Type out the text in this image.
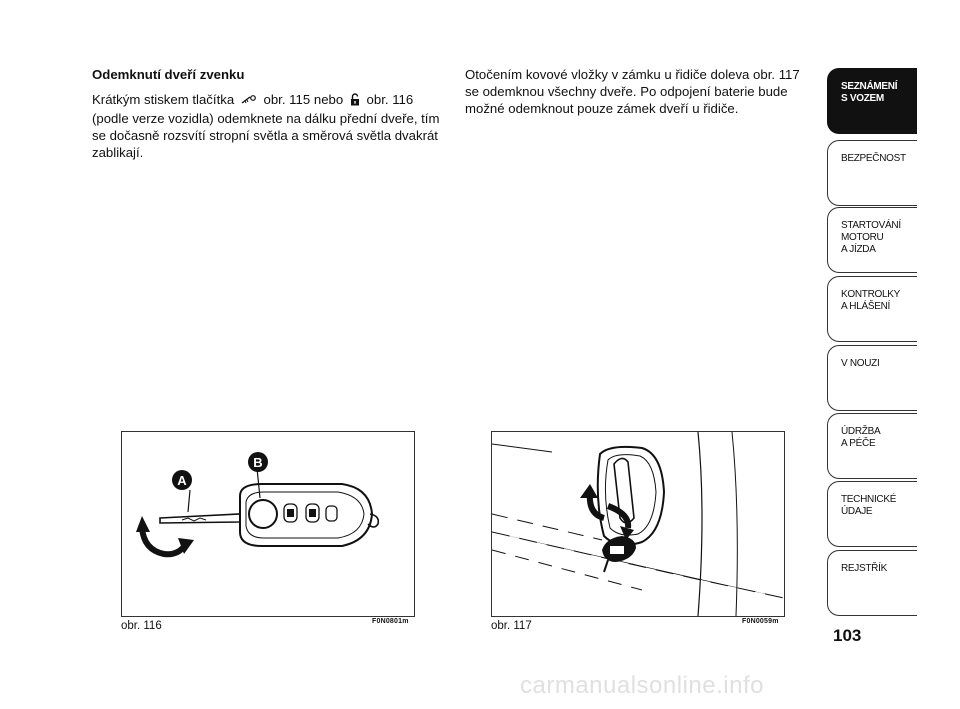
Odemknutí dveří zvenku

Krátkým stiskem tlačítka obr. 115 nebo obr. 116 (podle verze vozidla) odemknete na dálku přední dveře, tím se dočasně rozsvítí stropní světla a směrová světla dvakrát zablikají.

Otočením kovové vložky v zámku u řidiče doleva obr. 117 se odemknou všechny dveře. Po odpojení baterie bude možné odemknout pouze zámek dveří u řidiče.

A
B
obr. 116	F0N0801m	obr. 117	F0N0059m
SEZNÁMENÍ
S VOZEM
BEZPEČNOST
STARTOVÁNÍ
MOTORU
A JÍZDA
KONTROLKY
A HLÁŠENÍ
V NOUZI
ÚDRŽBA
A PÉČE
TECHNICKÉ
ÚDAJE
REJSTŘÍK
103
carmanualsonline.info
